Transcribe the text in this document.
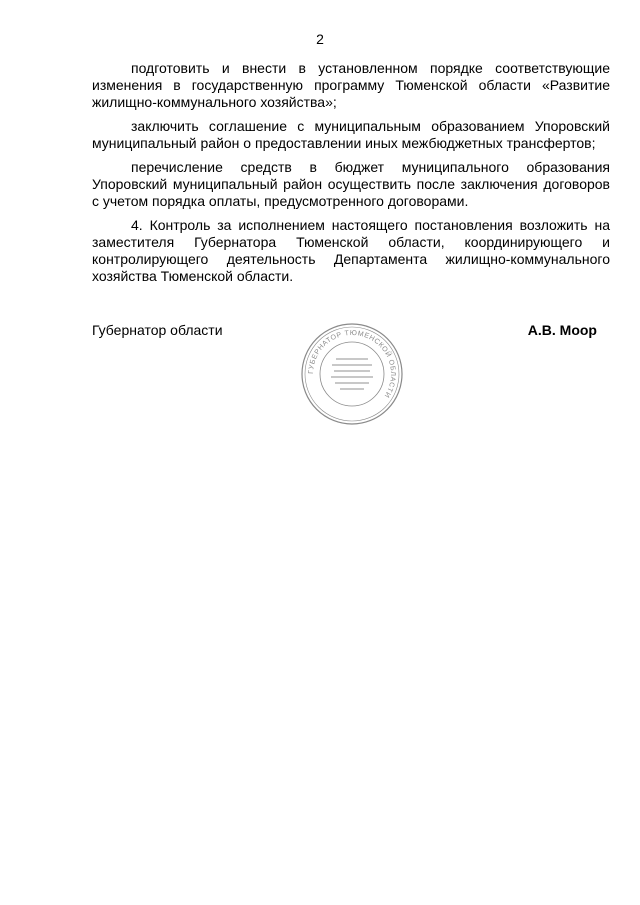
2

подготовить и внести в установленном порядке соответствующие изменения в государственную программу Тюменской области «Развитие жилищно-коммунального хозяйства»;

заключить соглашение с муниципальным образованием Упоровский муниципальный район о предоставлении иных межбюджетных трансфертов;

перечисление средств в бюджет муниципального образования Упоровский муниципальный район осуществить после заключения договоров с учетом порядка оплаты, предусмотренного договорами.

4. Контроль за исполнением настоящего постановления возложить на заместителя Губернатора Тюменской области, координирующего и контролирующего деятельность Департамента жилищно-коммунального хозяйства Тюменской области.

Губернатор области	А.В. Моор
ГУБЕРНАТОР ТЮМЕНСКОЙ ОБЛАСТИ
